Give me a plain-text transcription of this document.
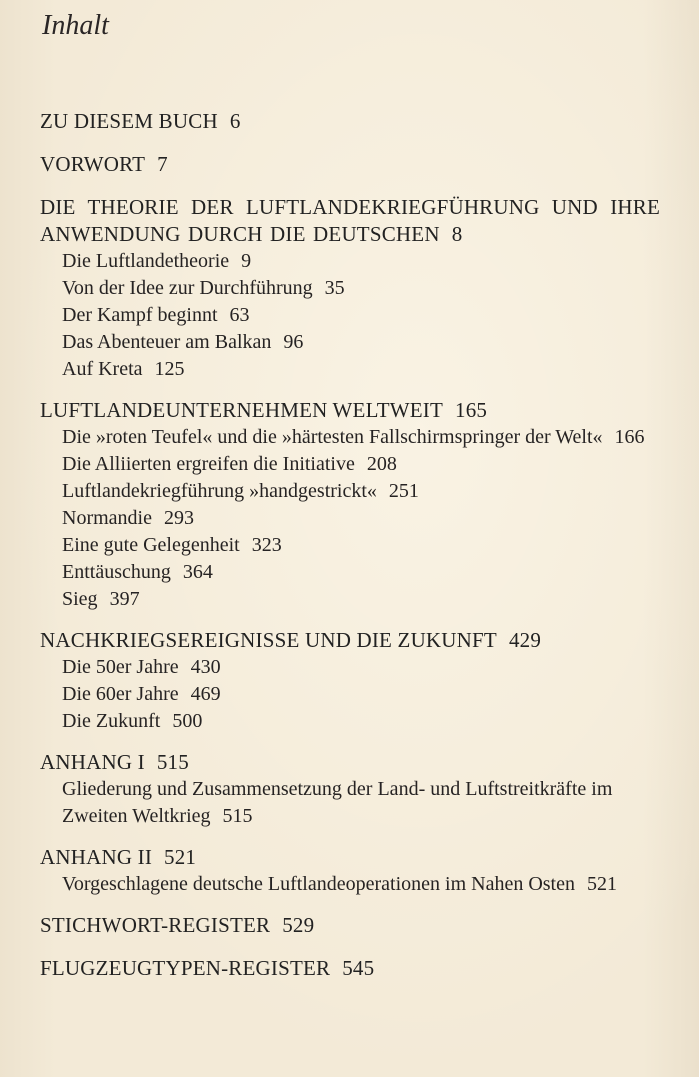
Inhalt
ZU DIESEM BUCH 6
VORWORT 7
DIE THEORIE DER LUFTLANDEKRIEGFÜHRUNG UND IHRE ANWENDUNG DURCH DIE DEUTSCHEN 8
Die Luftlandetheorie 9
Von der Idee zur Durchführung 35
Der Kampf beginnt 63
Das Abenteuer am Balkan 96
Auf Kreta 125
LUFTLANDEUNTERNEHMEN WELTWEIT 165
Die »roten Teufel« und die »härtesten Fallschirmspringer der Welt« 166
Die Alliierten ergreifen die Initiative 208
Luftlandekriegführung »handgestrickt« 251
Normandie 293
Eine gute Gelegenheit 323
Enttäuschung 364
Sieg 397
NACHKRIEGSEREIGNISSE UND DIE ZUKUNFT 429
Die 50er Jahre 430
Die 60er Jahre 469
Die Zukunft 500
ANHANG I 515
Gliederung und Zusammensetzung der Land- und Luftstreitkräfte im Zweiten Weltkrieg 515
ANHANG II 521
Vorgeschlagene deutsche Luftlandeoperationen im Nahen Osten 521
STICHWORT-REGISTER 529
FLUGZEUGTYPEN-REGISTER 545
